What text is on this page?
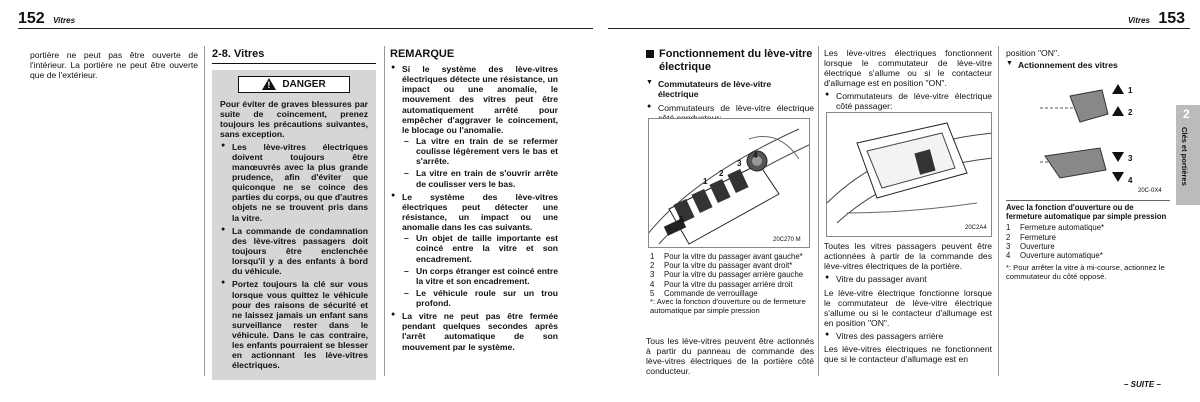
152 Vitres

portière ne peut pas être ouverte de l'intérieur. La portière ne peut être ouverte que de l'extérieur.

2-8. Vitres
! DANGER

Pour éviter de graves blessures par suite de coincement, prenez toujours les précautions suivantes, sans exception.

● Les lève-vitres électriques doivent toujours être manœuvrés avec la plus grande prudence, afin d'éviter que quiconque ne se coince des parties du corps, ou que d'autres objets ne se trouvent pris dans la vitre.
● La commande de condamnation des lève-vitres passagers doit toujours être enclenchée lorsqu'il y a des enfants à bord du véhicule.
● Portez toujours la clé sur vous lorsque vous quittez le véhicule pour des raisons de sécurité et ne laissez jamais un enfant sans surveillance rester dans le véhicule. Dans le cas contraire, les enfants pourraient se blesser en actionnant les lève-vitres électriques.
REMARQUE
● Si le système des lève-vitres électriques détecte une résistance, un impact ou une anomalie, le mouvement des vitres peut être automatiquement arrêté pour empêcher d'aggraver le coincement, le blocage ou l'anomalie.
– La vitre en train de se refermer coulisse légèrement vers le bas et s'arrête.
– La vitre en train de s'ouvrir arrête de coulisser vers le bas.
● Le système des lève-vitres électriques peut détecter une résistance, un impact ou une anomalie dans les cas suivants.
– Un objet de taille importante est coincé entre la vitre et son encadrement.
– Un corps étranger est coincé entre la vitre et son encadrement.
– Le véhicule roule sur un trou profond.
● La vitre ne peut pas être fermée pendant quelques secondes après l'arrêt automatique de son mouvement par le système.
Vitres 153
Fonctionnement du lève-vitre électrique
▼ Commutateurs de lève-vitre électrique
● Commutateurs de lève-vitre électrique
1
2
3
4
5
20C270 M
1	Pour la vitre du passager avant gauche*
2	Pour la vitre du passager avant droit*
3	Pour la vitre du passager arrière gauche
4	Pour la vitre du passager arrière droit
5	Commande de verrouillage
*: Avec la fonction d'ouverture ou de fermeture automatique par simple pression

Tous les lève-vitres peuvent être actionnés à partir du panneau de commande des lève-vitres électriques de la portière côté conducteur.

Les lève-vitres électriques fonctionnent lorsque le commutateur de lève-vitre électrique s'allume ou si le contacteur d'allumage est en position "ON".

● Commutateurs de lève-vitre électrique côté passager:
20C2A4

Toutes les vitres passagers peuvent être actionnées à partir de la commande des lève-vitres électriques de la portière.

● Vitre du passager avant

Le lève-vitre électrique fonctionne lorsque le commutateur de lève-vitre électrique s'allume ou si le contacteur d'allumage est en position "ON".

● Vitres des passagers arrière

Les lève-vitres électriques ne fonctionnent que si le contacteur d'allumage est en

position "ON".

▼ Actionnement des vitres
1
2
3
4
20C-0X4
Avec la fonction d'ouverture ou de fermeture automatique par simple pression
1	Fermeture automatique*
2	Fermeture
3	Ouverture
4	Ouverture automatique*
*: Pour arrêter la vitre à mi-course, actionnez le commutateur du côté opposé.
2
Clés et portières
– SUITE –
